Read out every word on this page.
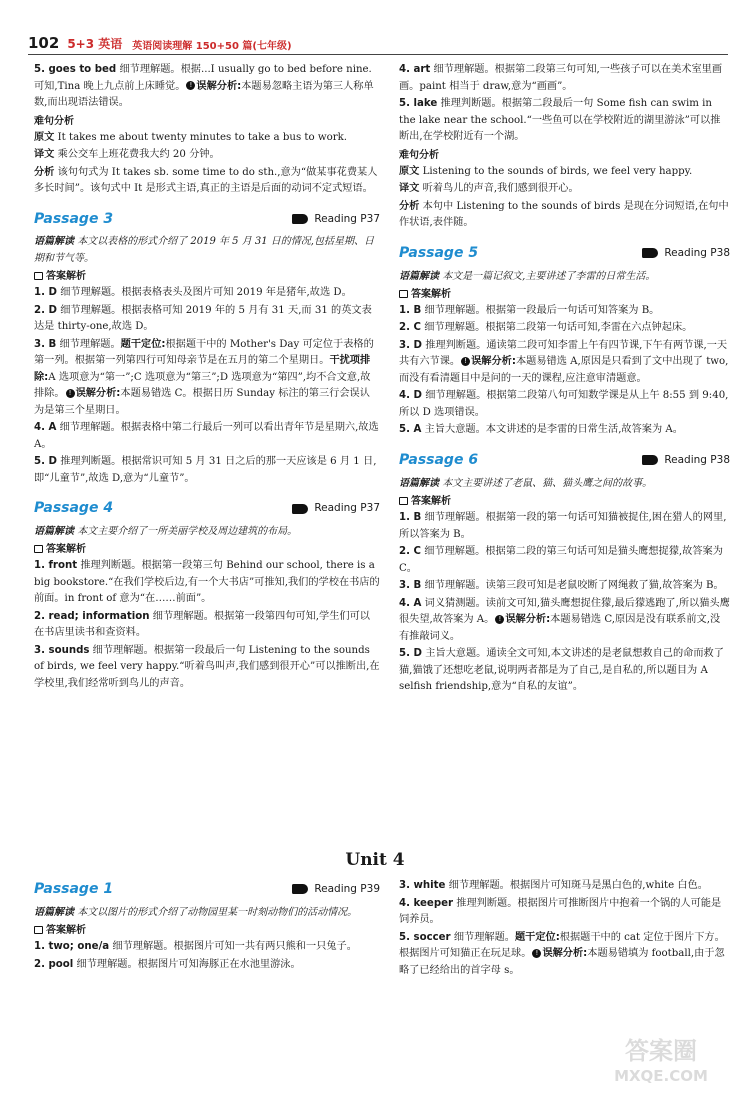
102 5+3 英语 英语阅读理解 150+50 篇(七年级)

5. goes to bed 细节理解题。根据...I usually go to bed before nine. 可知,Tina 晚上九点前上床睡觉。 ! 误解分析:本题易忽略主语为第三人称单数,而出现语法错误。

难句分析

原文 It takes me about twenty minutes to take a bus to work.

译文 乘公交车上班花费我大约 20 分钟。

分析 该句句式为 It takes sb. some time to do sth.,意为“做某事花费某人多长时间”。该句式中 It 是形式主语,真正的主语是后面的动词不定式短语。

Passage 3	Reading P37

语篇解读 本文以表格的形式介绍了 2019 年 5 月 31 日的情况,包括星期、日期和节气等。

答案解析

1. D 细节理解题。根据表格表头及图片可知 2019 年是猪年,故选 D。

2. D 细节理解题。根据表格可知 2019 年的 5 月有 31 天,而 31 的英文表达是 thirty-one,故选 D。

3. B 细节理解题。题干定位:根据题干中的 Mother's Day 可定位于表格的第一列。根据第一列第四行可知母亲节是在五月的第二个星期日。干扰项排除:A 选项意为“第一”;C 选项意为“第三”;D 选项意为“第四”,均不合文意,故排除。 ! 误解分析:本题易错选 C。根据日历 Sunday 标注的第三行会误认为是第三个星期日。

4. A 细节理解题。根据表格中第二行最后一列可以看出青年节是星期六,故选 A。

5. D 推理判断题。根据常识可知 5 月 31 日之后的那一天应该是 6 月 1 日,即“儿童节”,故选 D,意为“儿童节”。

Passage 4	Reading P37

语篇解读 本文主要介绍了一所美丽学校及周边建筑的布局。

答案解析

1. front 推理判断题。根据第一段第三句 Behind our school, there is a big bookstore.“在我们学校后边,有一个大书店”可推知,我们的学校在书店的前面。in front of 意为“在……前面”。

2. read; information 细节理解题。根据第一段第四句可知,学生们可以在书店里读书和查资料。

3. sounds 细节理解题。根据第一段最后一句 Listening to the sounds of birds, we feel very happy.“听着鸟叫声,我们感到很开心”可以推断出,在学校里,我们经常听到鸟儿的声音。

4. art 细节理解题。根据第二段第三句可知,一些孩子可以在美术室里画画。paint 相当于 draw,意为“画画”。

5. lake 推理判断题。根据第二段最后一句 Some fish can swim in the lake near the school.“一些鱼可以在学校附近的湖里游泳”可以推断出,在学校附近有一个湖。

难句分析

原文 Listening to the sounds of birds, we feel very happy.

译文 听着鸟儿的声音,我们感到很开心。

分析 本句中 Listening to the sounds of birds 是现在分词短语,在句中作状语,表伴随。

Passage 5	Reading P38

语篇解读 本文是一篇记叙文,主要讲述了李雷的日常生活。

答案解析

1. B 细节理解题。根据第一段最后一句话可知答案为 B。

2. C 细节理解题。根据第二段第一句话可知,李雷在六点钟起床。

3. D 推理判断题。通读第二段可知李雷上午有四节课,下午有两节课,一天共有六节课。 ! 误解分析:本题易错选 A,原因是只看到了文中出现了 two,而没有看清题目中是问的一天的课程,应注意审清题意。

4. D 细节理解题。根据第二段第八句可知数学课是从上午 8:55 到 9:40,所以 D 选项错误。

5. A 主旨大意题。本文讲述的是李雷的日常生活,故答案为 A。

Passage 6	Reading P38

语篇解读 本文主要讲述了老鼠、猫、猫头鹰之间的故事。

答案解析

1. B 细节理解题。根据第一段的第一句话可知猫被捉住,困在猎人的网里,所以答案为 B。

2. C 细节理解题。根据第二段的第三句话可知是猫头鹰想捉獴,故答案为 C。

3. B 细节理解题。读第三段可知是老鼠咬断了网绳救了猫,故答案为 B。

4. A 词义猜测题。读前文可知,猫头鹰想捉住獴,最后獴逃跑了,所以猫头鹰很失望,故答案为 A。 ! 误解分析:本题易错选 C,原因是没有联系前文,没有推敲词义。

5. D 主旨大意题。通读全文可知,本文讲述的是老鼠想救自己的命而救了猫,猫饿了还想吃老鼠,说明两者都是为了自己,是自私的,所以题目为 A selfish friendship,意为“自私的友谊”。

Unit 4
Passage 1	Reading P39

语篇解读 本文以图片的形式介绍了动物园里某一时刻动物们的活动情况。

答案解析

1. two; one/a 细节理解题。根据图片可知一共有两只熊和一只兔子。

2. pool 细节理解题。根据图片可知海豚正在水池里游泳。

3. white 细节理解题。根据图片可知斑马是黑白色的,white 白色。

4. keeper 推理判断题。根据图片可推断图片中抱着一个锅的人可能是饲养员。

5. soccer 细节理解题。题干定位:根据题干中的 cat 定位于图片下方。根据图片可知猫正在玩足球。 ! 误解分析:本题易错填为 football,由于忽略了已经给出的首字母 s。

答案圈
MXQE.COM
